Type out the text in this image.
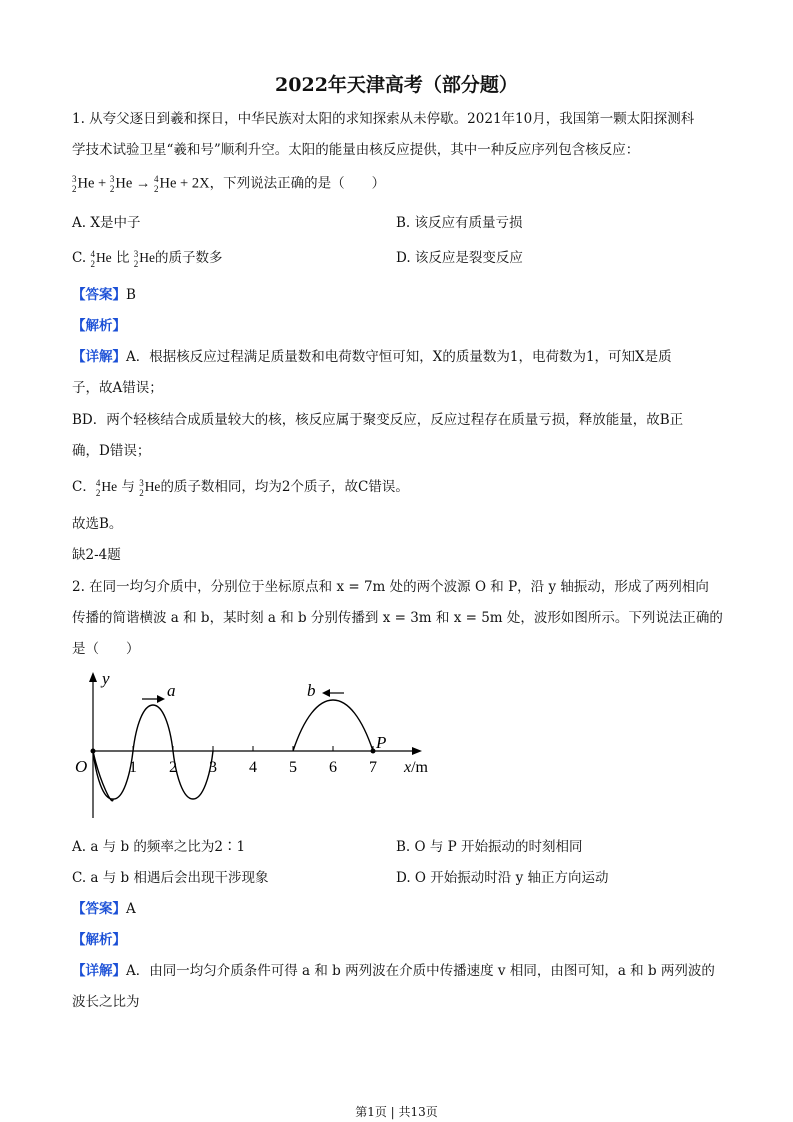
2022年天津高考（部分题）
1. 从夸父逐日到羲和探日，中华民族对太阳的求知探索从未停歇。2021年10月，我国第一颗太阳探测科
学技术试验卫星“羲和号”顺利升空。太阳的能量由核反应提供，其中一种反应序列包含核反应：
3
2 He + 3
2 He → 4
2 He + 2X，下列说法正确的是（　　）
A. X是中子	B. 该反应有质量亏损
C. 4
2 He 比 3
2 He的质子数多	D. 该反应是裂变反应
【答案】B
【解析】
【详解】A．根据核反应过程满足质量数和电荷数守恒可知，X的质量数为1，电荷数为1，可知X是质
子，故A错误；
BD．两个轻核结合成质量较大的核，核反应属于聚变反应，反应过程存在质量亏损，释放能量，故B正
确，D错误；
C． 4
2 He 与 3
2 He的质子数相同，均为2个质子，故C错误。
故选B。
缺2-4题
2. 在同一均匀介质中，分别位于坐标原点和 x = 7m 处的两个波源 O 和 P，沿 y 轴振动，形成了两列相向
传播的简谐横波 a 和 b，某时刻 a 和 b 分别传播到 x = 3m 和 x = 5m 处，波形如图所示。下列说法正确的
是（　　）
y
x/m
O
a	b
P
1 2 3 4 5 6 7
A. a 与 b 的频率之比为2∶1	B. O 与 P 开始振动的时刻相同
C. a 与 b 相遇后会出现干涉现象	D. O 开始振动时沿 y 轴正方向运动
【答案】A
【解析】
【详解】A．由同一均匀介质条件可得 a 和 b 两列波在介质中传播速度 v 相同，由图可知，a 和 b 两列波的
波长之比为
第1页 | 共13页
